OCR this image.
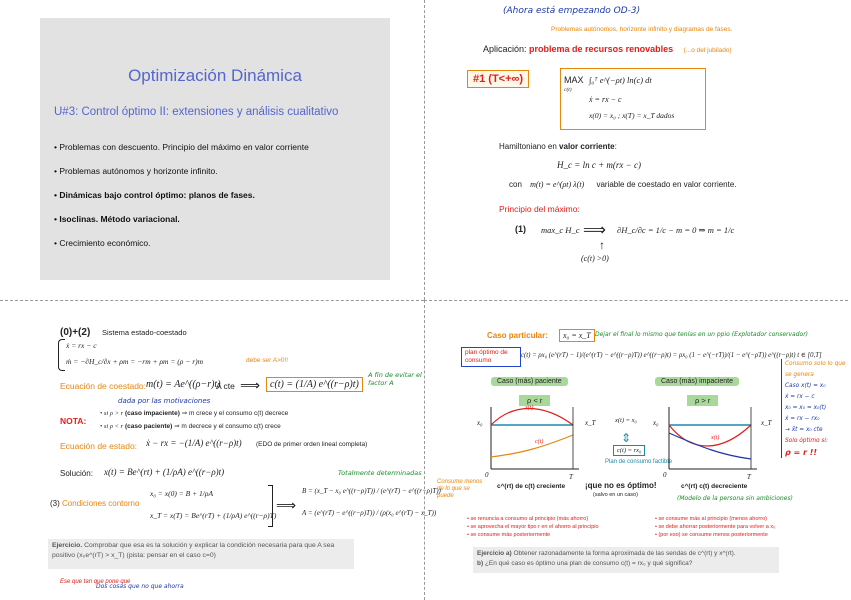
Optimización Dinámica
U#3: Control óptimo II: extensiones y análisis cualitativo
• Problemas con descuento. Principio del máximo en valor corriente
• Problemas autónomos y horizonte infinito.
• Dinámicas bajo control óptimo: planos de fases.
• Isoclinas. Método variacional.
• Crecimiento económico.
(Ahora está empezando OD-3)
Problemas autónomos, horizonte infinito y diagramas de fases.
Aplicación: problema de recursos renovables (...o del jubilado)
#1 (T<+∞)	MAX
c(t)
∫₀ᵀ e^(−ρt) ln(c) dt
ẋ = rx − c
x(0) = x₀ ; x(T) = x_T dados
Hamiltoniano en valor corriente:
H_c = ln c + m(rx − c)
con m(t) = e^(ρt) λ(t) variable de coestado en valor corriente.
Principio del máximo:
(1) max_c H_c ⟹ ∂H_c/∂c = 1/c − m = 0 ⇒ m = 1/c
↑
(c(t) >0)
(0)+(2) Sistema estado-coestado
ẋ = rx − c
ṁ = −∂H_c/∂x + ρm = −rm + ρm = (ρ − r)m	debe ser A>0!!
Ecuación de coestado: m(t) = Ae^((ρ−r)t)
A cte ⟹ c(t) = (1/A) e^((r−ρ)t)
dada por las motivaciones
NOTA:
• si ρ > r (caso impaciente) ⇒ m crece y el consumo c(t) decrece
• si ρ < r (caso paciente) ⇒ m decrece y el consumo c(t) crece
Ecuación de estado: ẋ − rx = −(1/A) e^((r−ρ)t) (EDO de primer orden lineal completa)
Solución: x(t) = Be^(rt) + (1/ρA) e^((r−ρ)t)
(3) Condiciones contorno
x₀ = x(0) = B + 1/ρA
x_T = x(T) = Be^(rT) + (1/ρA) e^((r−ρ)T)
⟹
B = (x_T − x₀ e^((r−ρ)T)) / (e^(rT) − e^((r−ρ)T))
A = (e^(rT) − e^((r−ρ)T)) / (ρ(x₀ e^(rT) − x_T))
Ejercicio. Comprobar que esa es la solución y explicar la condición necesaria para que A sea positivo (x₀e^(rT) > x_T) (pista: pensar en el caso c=0)
A fin de evitar el factor A
Totalmente determinadas
Ese que tan que pone que
Dos cosas que no que ahorra
Caso particular:	x₀ = x_T Dejar el final lo mismo que tenías en un ppio (Explotador conservador)
plan óptimo de consumo
c(t) = ρx₀ (e^(rT) − 1)/(e^(rT) − e^((r−ρ)T)) e^((r−ρ)t) = ρx₀ (1 − e^(−rT))/(1 − e^(−ρT)) e^((r−ρ)t) t ∈ [0,T]
Caso (más) paciente
ρ < r
x₀
x(t)
c(t)
0	T
x_T	x(t) = x₀
⇕
c(t) = rx₀
Plan de consumo factible
Caso (más) impaciente
ρ > r
x₀
x(t)
0	T
x_T
c^(rt) de c(t) creciente ¡que no es óptimo!
(salvo en un caso)
c^(rt) c(t) decreciente
(Modelo de la persona sin ambiciones)
Consume menos de lo que se puede
• se renuncia a consumo al principio (más ahorro)
• se aprovecha el mayor tipo r en el ahorro al principio
• se consume más posteriormente
• se consume más al principio (menos ahorro)
• se debe ahorrar posteriormente para volver a x₀
• (por eso) se consume menos posteriormente
Ejercicio a) Obtener razonadamente la forma aproximada de las sendas de c^(rt) y x^(rt).
b) ¿En qué caso es óptimo una plan de consumo c(t) = rx₀ y qué significa?
Consumo solo lo que se genera
Caso x(t) = x₀
ẋ = rx − c
x₀ = x₀ = x₀(t)
ẋ = rx − rx₀
→ x̂t = x₀ cte
Solo óptimo si:
ρ = r !!
